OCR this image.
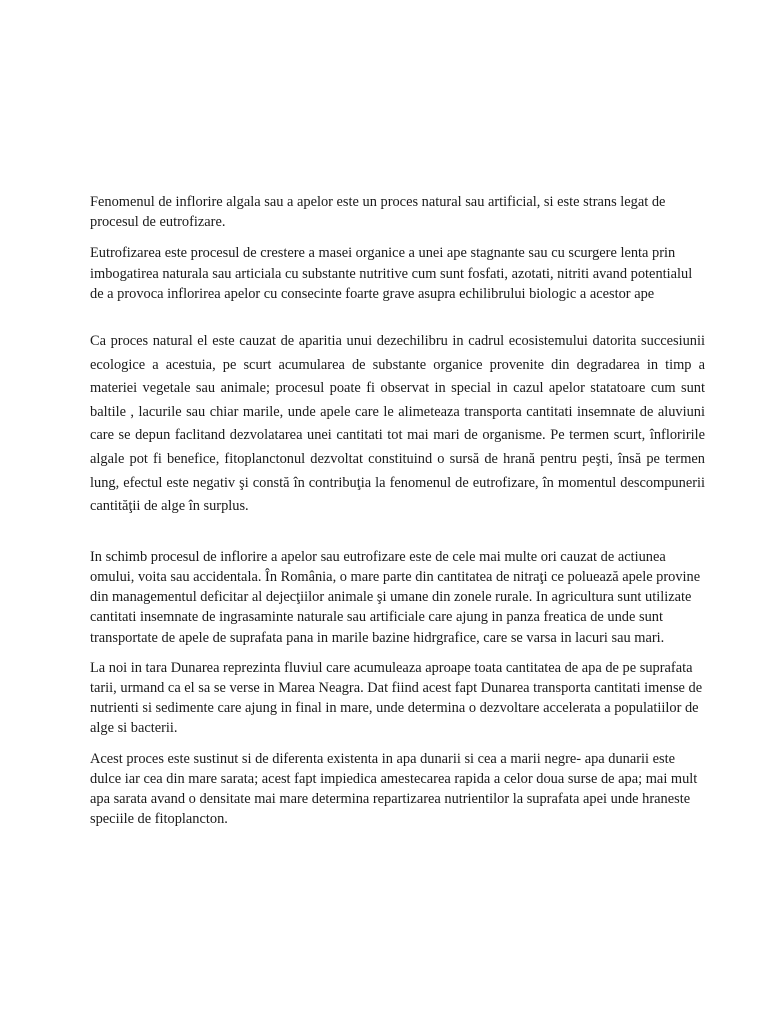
Fenomenul de inflorire algala sau a apelor este un proces natural sau artificial, si este strans legat de procesul de eutrofizare.

Eutrofizarea este procesul de crestere a masei organice a unei ape stagnante sau cu scurgere lenta prin imbogatirea naturala sau articiala cu substante nutritive cum sunt fosfati, azotati, nitriti avand potentialul de a provoca inflorirea apelor cu consecinte foarte grave asupra echilibrului biologic a acestor ape

Ca proces natural el este cauzat de aparitia unui dezechilibru in cadrul ecosistemului datorita succesiunii ecologice a acestuia, pe scurt acumularea de substante organice provenite din degradarea in timp a materiei vegetale sau animale; procesul poate fi observat in special in cazul apelor statatoare cum sunt baltile , lacurile sau chiar marile, unde apele care le alimeteaza transporta cantitati insemnate de aluviuni care se depun faclitand dezvolatarea unei cantitati tot mai mari de organisme. Pe termen scurt, înfloririle algale pot fi benefice, fitoplanctonul dezvoltat constituind o sursă de hrană pentru peşti, însă pe termen lung, efectul este negativ şi constă în contribuţia la fenomenul de eutrofizare, în momentul descompunerii cantităţii de alge în surplus.

In schimb procesul de inflorire a apelor sau eutrofizare este de cele mai multe ori cauzat de actiunea omului, voita sau accidentala. În România, o mare parte din cantitatea de nitraţi ce poluează apele provine din managementul deficitar al dejecţiilor animale şi umane din zonele rurale. In agricultura sunt utilizate cantitati insemnate de ingrasaminte naturale sau artificiale care ajung in panza freatica de unde sunt transportate de apele de suprafata pana in marile bazine hidrgrafice, care se varsa in lacuri sau mari.

La noi in tara Dunarea reprezinta fluviul care acumuleaza aproape toata cantitatea de apa de pe suprafata tarii, urmand ca el sa se verse in Marea Neagra. Dat fiind acest fapt Dunarea transporta cantitati imense de nutrienti si sedimente care ajung in final in mare, unde determina o dezvoltare accelerata a populatiilor de alge si bacterii.

Acest proces este sustinut si de diferenta existenta in apa dunarii si cea a marii negre- apa dunarii este dulce iar cea din mare sarata; acest fapt impiedica amestecarea rapida a celor doua surse de apa; mai mult apa sarata avand o densitate mai mare determina repartizarea nutrientilor la suprafata apei unde hraneste speciile de fitoplancton.
